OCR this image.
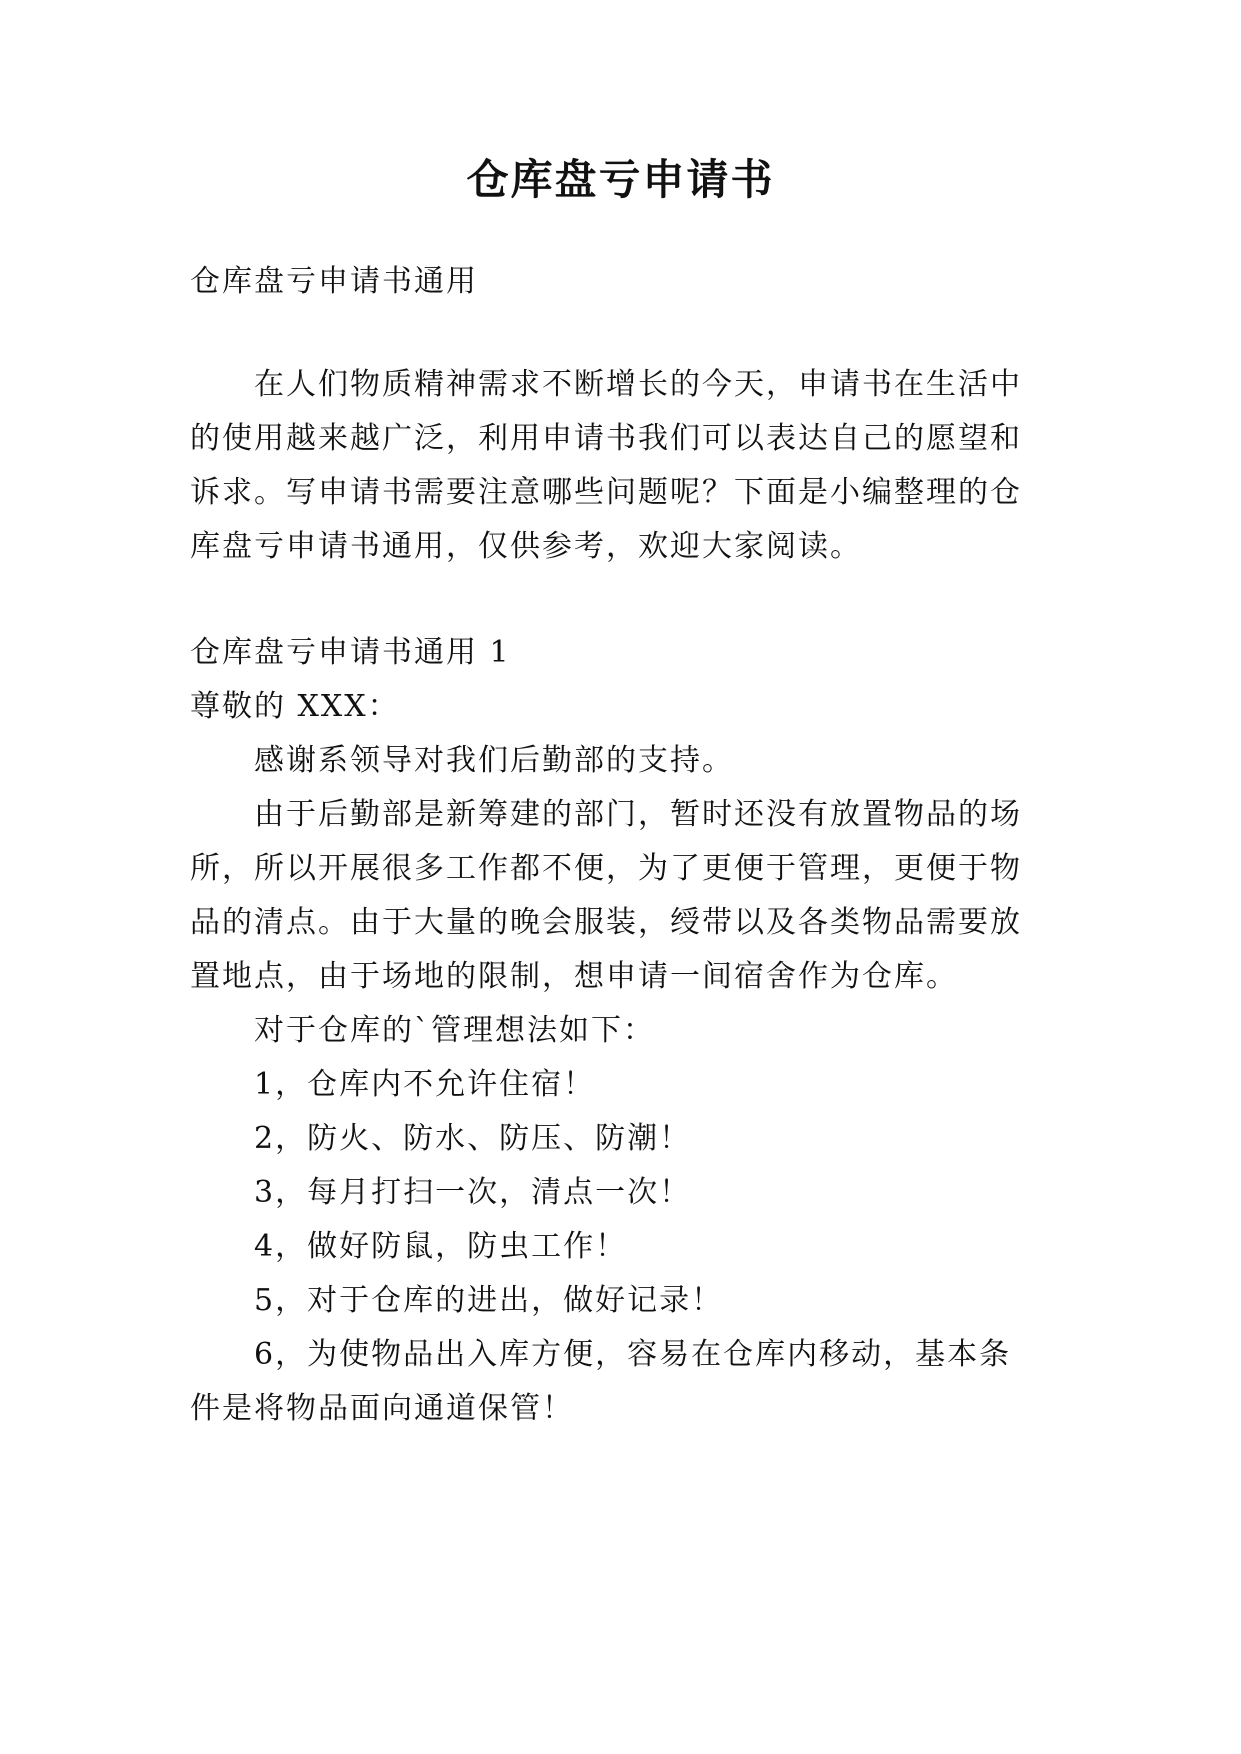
仓库盘亏申请书
仓库盘亏申请书通用
在人们物质精神需求不断增长的今天，申请书在生活中
的使用越来越广泛，利用申请书我们可以表达自己的愿望和
诉求。写申请书需要注意哪些问题呢？下面是小编整理的仓
库盘亏申请书通用，仅供参考，欢迎大家阅读。
仓库盘亏申请书通用 1
尊敬的 XXX：
感谢系领导对我们后勤部的支持。
由于后勤部是新筹建的部门，暂时还没有放置物品的场
所，所以开展很多工作都不便，为了更便于管理，更便于物
品的清点。由于大量的晚会服装，绶带以及各类物品需要放
置地点，由于场地的限制，想申请一间宿舍作为仓库。
对于仓库的`管理想法如下：
1，仓库内不允许住宿！
2，防火、防水、防压、防潮！
3，每月打扫一次，清点一次！
4，做好防鼠，防虫工作！
5，对于仓库的进出，做好记录！
6，为使物品出入库方便，容易在仓库内移动，基本条
件是将物品面向通道保管！
